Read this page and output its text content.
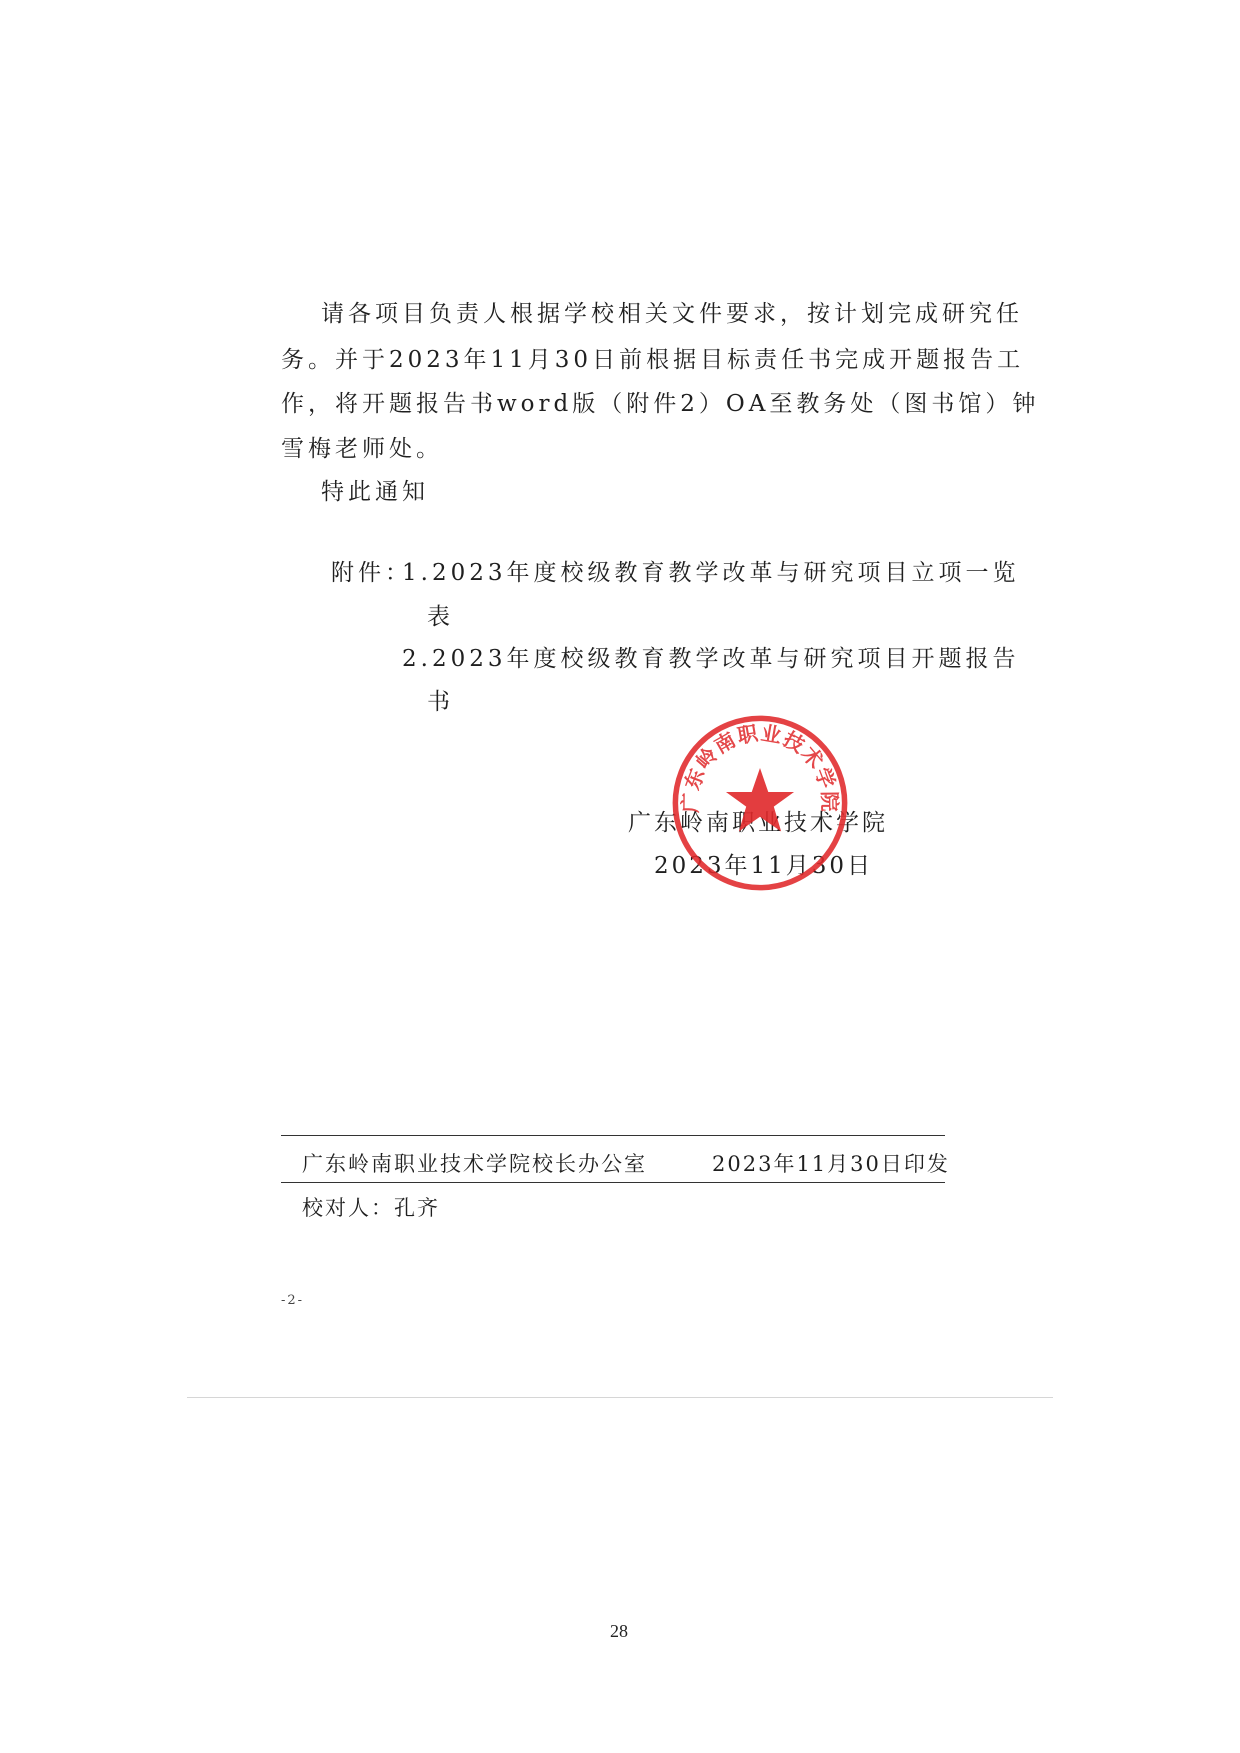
请各项目负责人根据学校相关文件要求，按计划完成研究任
务。并于2023年11月30日前根据目标责任书完成开题报告工
作，将开题报告书word版（附件2）OA至教务处（图书馆）钟
雪梅老师处。
特此通知
附件：
1.2023年度校级教育教学改革与研究项目立项一览
表
2.2023年度校级教育教学改革与研究项目开题报告
书
广东岭南职业技术学院
2023年11月30日
广东岭南职业技术学院
广东岭南职业技术学院校长办公室	2023年11月30日印发
校对人：孔齐
-2-
28
